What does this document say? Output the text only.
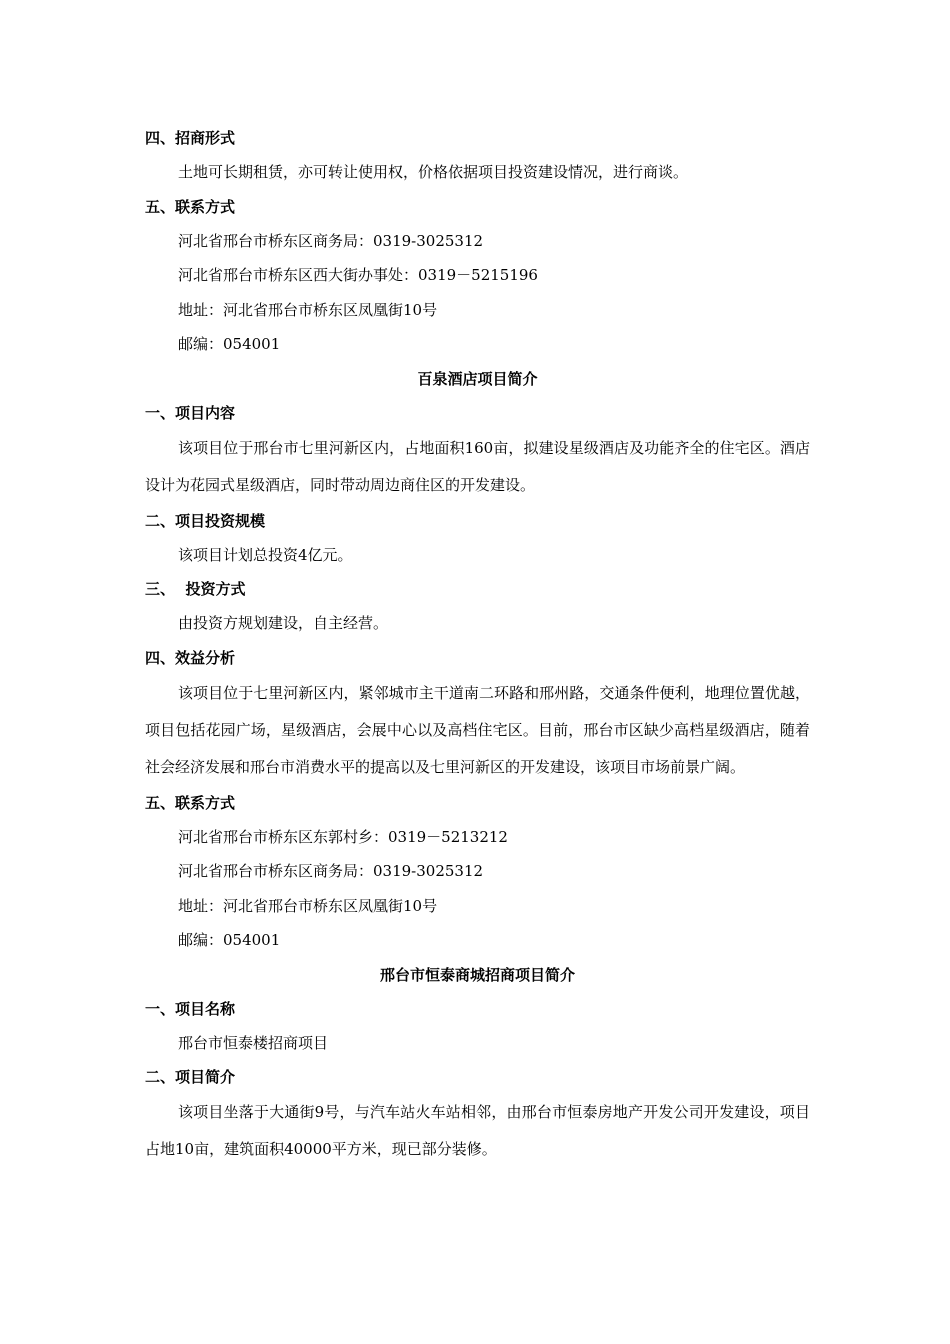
四、招商形式
土地可长期租赁，亦可转让使用权，价格依据项目投资建设情况，进行商谈。
五、联系方式
河北省邢台市桥东区商务局：0319-3025312
河北省邢台市桥东区西大街办事处：0319－5215196
地址：河北省邢台市桥东区凤凰街10号
邮编：054001
百泉酒店项目简介
一、项目内容
该项目位于邢台市七里河新区内，占地面积160亩，拟建设星级酒店及功能齐全的住宅区。酒店设计为花园式星级酒店，同时带动周边商住区的开发建设。
二、项目投资规模
该项目计划总投资4亿元。
三、  投资方式
由投资方规划建设，自主经营。
四、效益分析
该项目位于七里河新区内，紧邻城市主干道南二环路和邢州路，交通条件便利，地理位置优越，项目包括花园广场，星级酒店，会展中心以及高档住宅区。目前，邢台市区缺少高档星级酒店，随着社会经济发展和邢台市消费水平的提高以及七里河新区的开发建设，该项目市场前景广阔。
五、联系方式
河北省邢台市桥东区东郭村乡：0319－5213212
河北省邢台市桥东区商务局：0319-3025312
地址：河北省邢台市桥东区凤凰街10号
邮编：054001
邢台市恒泰商城招商项目简介
一、项目名称
邢台市恒泰楼招商项目
二、项目简介
该项目坐落于大通街9号，与汽车站火车站相邻，由邢台市恒泰房地产开发公司开发建设，项目占地10亩，建筑面积40000平方米，现已部分装修。
